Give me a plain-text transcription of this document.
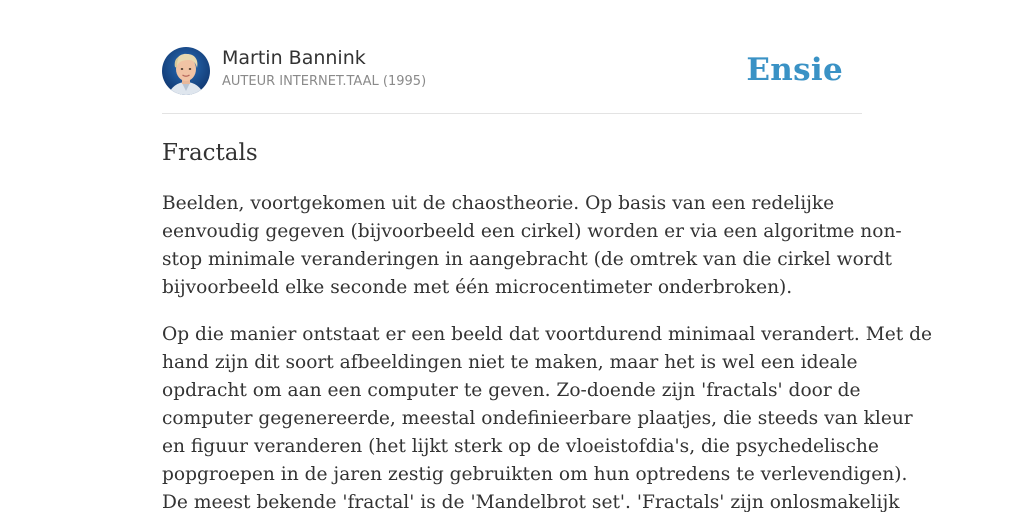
Martin Bannink
AUTEUR INTERNET.TAAL (1995)	Ensie
Fractals

Beelden, voortgekomen uit de chaostheorie. Op basis van een redelijke
eenvoudig gegeven (bijvoorbeeld een cirkel) worden er via een algoritme non-
stop minimale veranderingen in aangebracht (de omtrek van die cirkel wordt
bijvoorbeeld elke seconde met één microcentimeter onderbroken).

Op die manier ontstaat er een beeld dat voortdurend minimaal verandert. Met de
hand zijn dit soort afbeeldingen niet te maken, maar het is wel een ideale
opdracht om aan een computer te geven. Zo-doende zijn 'fractals' door de
computer gegenereerde, meestal ondefinieerbare plaatjes, die steeds van kleur
en figuur veranderen (het lijkt sterk op de vloeistofdia's, die psychedelische
popgroepen in de jaren zestig gebruikten om hun optredens te verlevendigen).
De meest bekende 'fractal' is de 'Mandelbrot set'. 'Fractals' zijn onlosmakelijk
